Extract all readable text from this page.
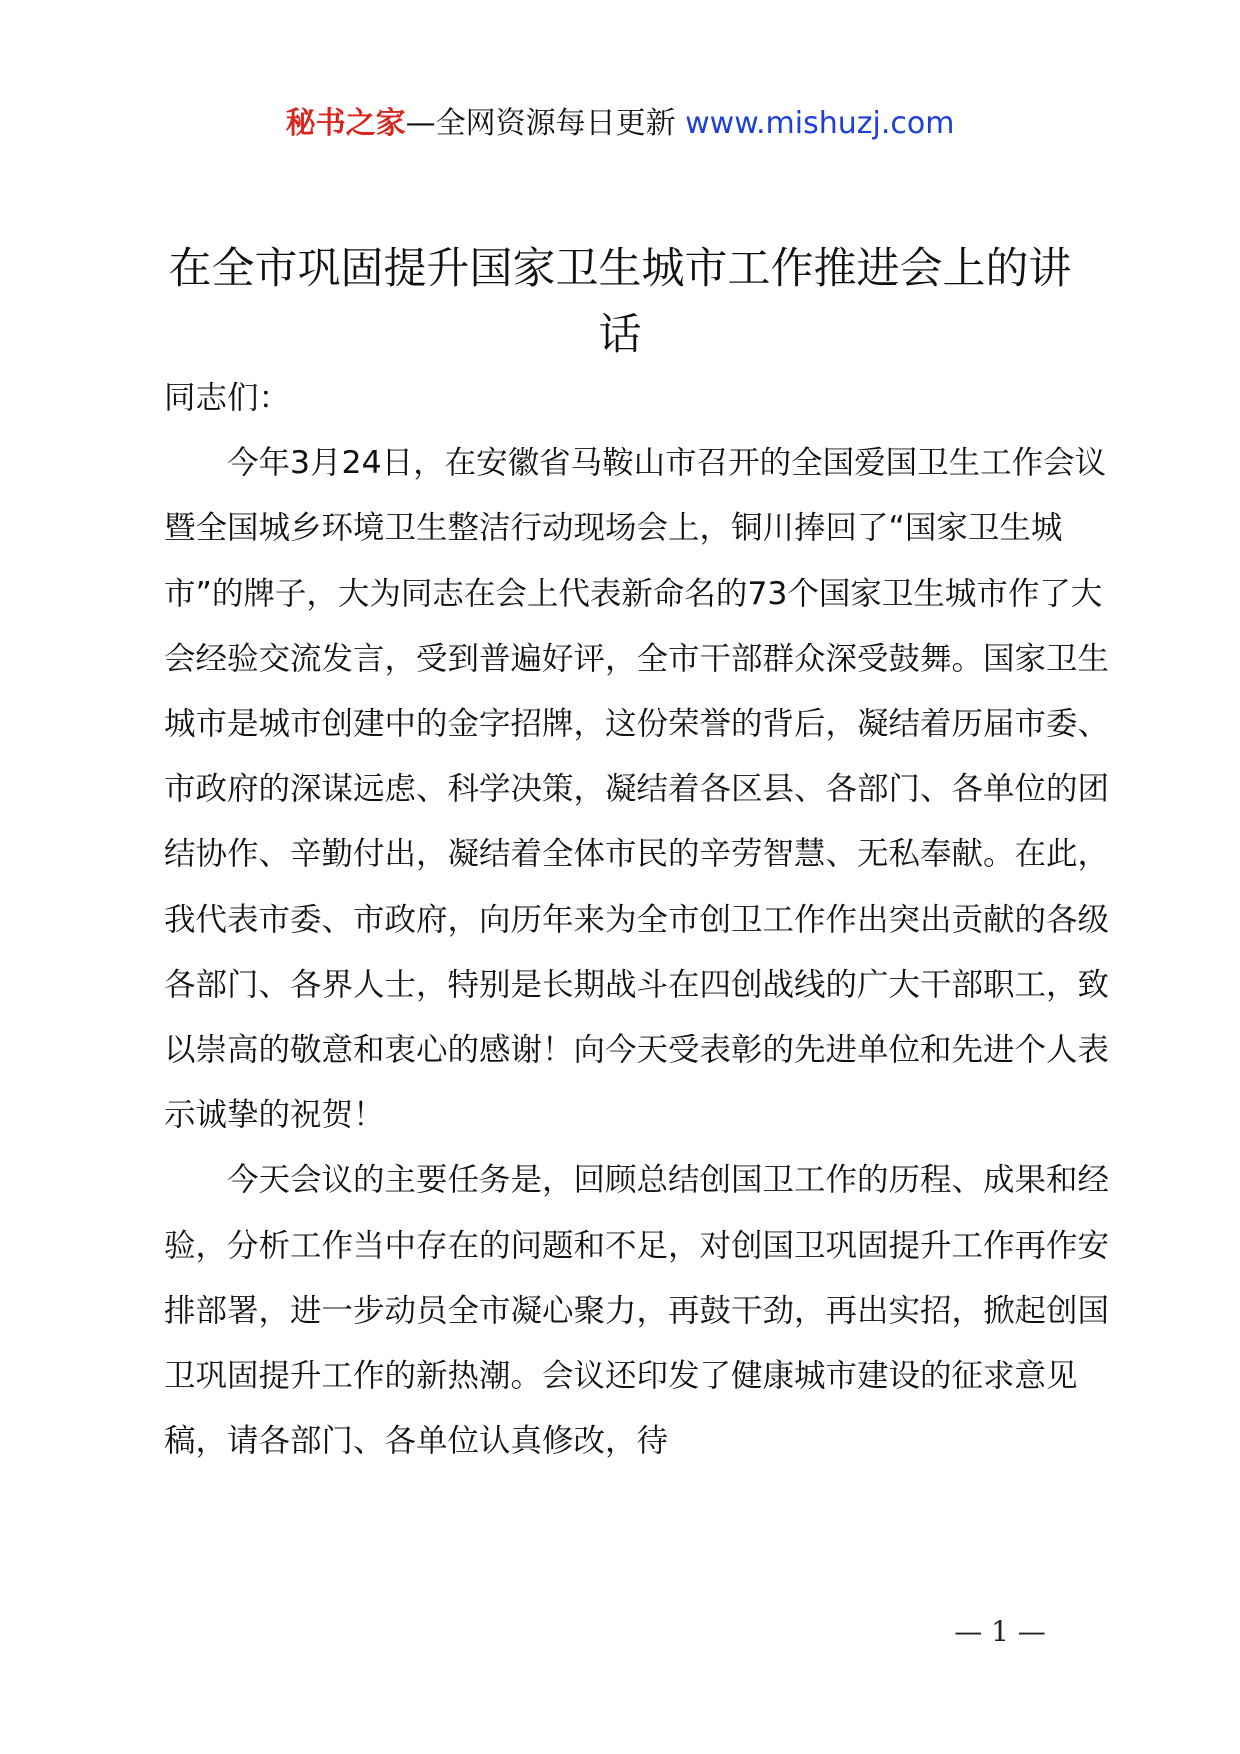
秘书之家—全网资源每日更新 www.mishuzj.com
在全市巩固提升国家卫生城市工作推进会上的讲话

同志们：

今年3月24日，在安徽省马鞍山市召开的全国爱国卫生工作会议暨全国城乡环境卫生整洁行动现场会上，铜川捧回了“国家卫生城市”的牌子，大为同志在会上代表新命名的73个国家卫生城市作了大会经验交流发言，受到普遍好评，全市干部群众深受鼓舞。国家卫生城市是城市创建中的金字招牌，这份荣誉的背后，凝结着历届市委、市政府的深谋远虑、科学决策，凝结着各区县、各部门、各单位的团结协作、辛勤付出，凝结着全体市民的辛劳智慧、无私奉献。在此，我代表市委、市政府，向历年来为全市创卫工作作出突出贡献的各级各部门、各界人士，特别是长期战斗在四创战线的广大干部职工，致以崇高的敬意和衷心的感谢！向今天受表彰的先进单位和先进个人表示诚挚的祝贺！

今天会议的主要任务是，回顾总结创国卫工作的历程、成果和经验，分析工作当中存在的问题和不足，对创国卫巩固提升工作再作安排部署，进一步动员全市凝心聚力，再鼓干劲，再出实招，掀起创国卫巩固提升工作的新热潮。会议还印发了健康城市建设的征求意见稿，请各部门、各单位认真修改，待

— 1 —
